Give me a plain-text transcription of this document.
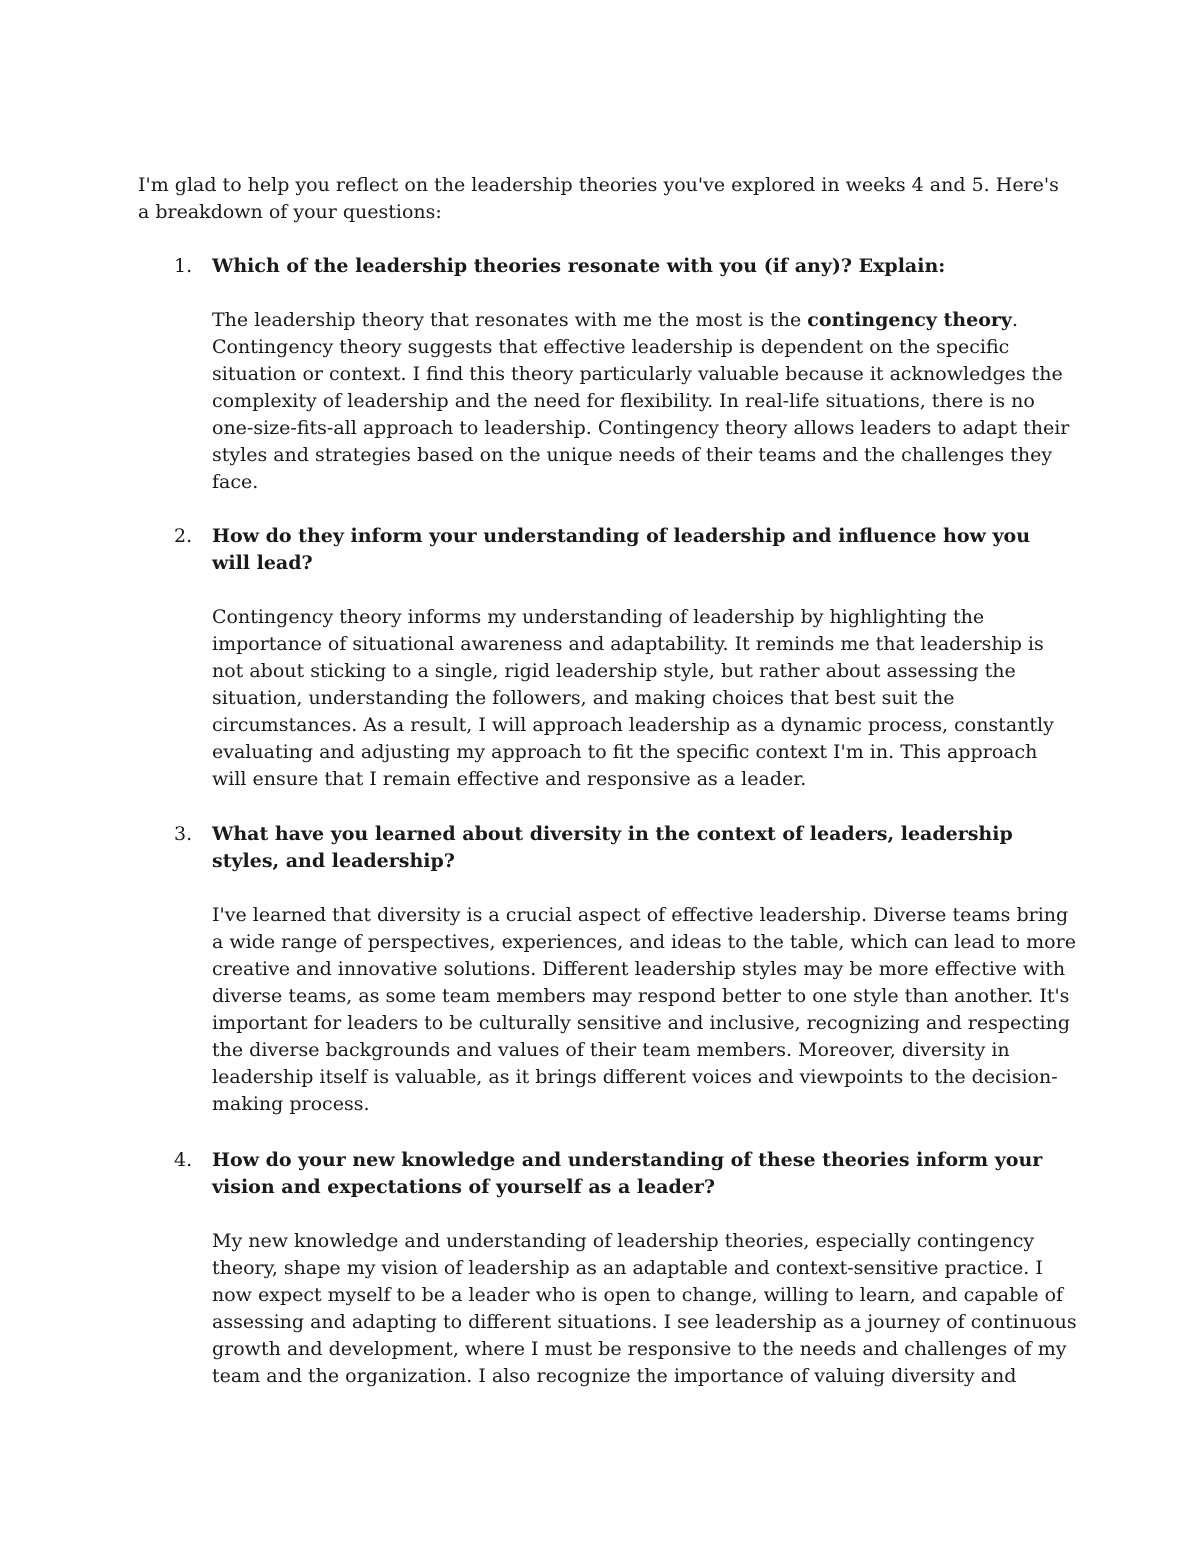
I'm glad to help you reflect on the leadership theories you've explored in weeks 4 and 5. Here's a breakdown of your questions:

1. Which of the leadership theories resonate with you (if any)? Explain:

The leadership theory that resonates with me the most is the contingency theory. Contingency theory suggests that effective leadership is dependent on the specific situation or context. I find this theory particularly valuable because it acknowledges the complexity of leadership and the need for flexibility. In real-life situations, there is no one-size-fits-all approach to leadership. Contingency theory allows leaders to adapt their styles and strategies based on the unique needs of their teams and the challenges they face.

2. How do they inform your understanding of leadership and influence how you will lead?

Contingency theory informs my understanding of leadership by highlighting the importance of situational awareness and adaptability. It reminds me that leadership is not about sticking to a single, rigid leadership style, but rather about assessing the situation, understanding the followers, and making choices that best suit the circumstances. As a result, I will approach leadership as a dynamic process, constantly evaluating and adjusting my approach to fit the specific context I'm in. This approach will ensure that I remain effective and responsive as a leader.

3. What have you learned about diversity in the context of leaders, leadership styles, and leadership?

I've learned that diversity is a crucial aspect of effective leadership. Diverse teams bring a wide range of perspectives, experiences, and ideas to the table, which can lead to more creative and innovative solutions. Different leadership styles may be more effective with diverse teams, as some team members may respond better to one style than another. It's important for leaders to be culturally sensitive and inclusive, recognizing and respecting the diverse backgrounds and values of their team members. Moreover, diversity in leadership itself is valuable, as it brings different voices and viewpoints to the decision-making process.

4. How do your new knowledge and understanding of these theories inform your vision and expectations of yourself as a leader?

My new knowledge and understanding of leadership theories, especially contingency theory, shape my vision of leadership as an adaptable and context-sensitive practice. I now expect myself to be a leader who is open to change, willing to learn, and capable of assessing and adapting to different situations. I see leadership as a journey of continuous growth and development, where I must be responsive to the needs and challenges of my team and the organization. I also recognize the importance of valuing diversity and
